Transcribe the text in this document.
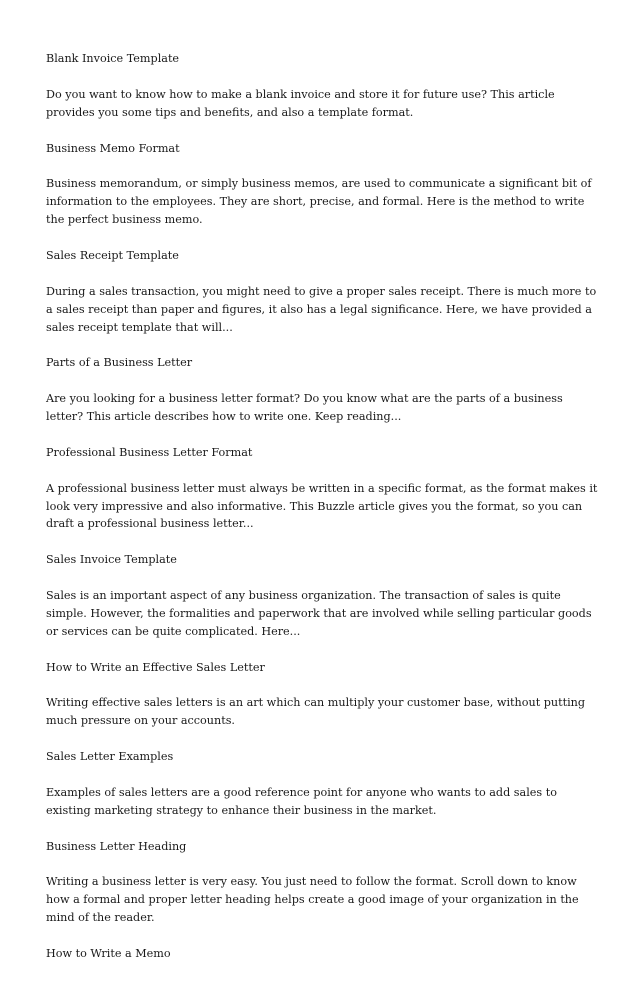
Blank Invoice Template
Do you want to know how to make a blank invoice and store it for future use? This article provides you some tips and benefits, and also a template format.
Business Memo Format
Business memorandum, or simply business memos, are used to communicate a significant bit of information to the employees. They are short, precise, and formal. Here is the method to write the perfect business memo.
Sales Receipt Template
During a sales transaction, you might need to give a proper sales receipt. There is much more to a sales receipt than paper and figures, it also has a legal significance. Here, we have provided a sales receipt template that will...
Parts of a Business Letter
Are you looking for a business letter format? Do you know what are the parts of a business letter? This article describes how to write one. Keep reading...
Professional Business Letter Format
A professional business letter must always be written in a specific format, as the format makes it look very impressive and also informative. This Buzzle article gives you the format, so you can draft a professional business letter...
Sales Invoice Template
Sales is an important aspect of any business organization. The transaction of sales is quite simple. However, the formalities and paperwork that are involved while selling particular goods or services can be quite complicated. Here...
How to Write an Effective Sales Letter
Writing effective sales letters is an art which can multiply your customer base, without putting much pressure on your accounts.
Sales Letter Examples
Examples of sales letters are a good reference point for anyone who wants to add sales to existing marketing strategy to enhance their business in the market.
Business Letter Heading
Writing a business letter is very easy. You just need to follow the format. Scroll down to know how a formal and proper letter heading helps create a good image of your organization in the mind of the reader.
How to Write a Memo
